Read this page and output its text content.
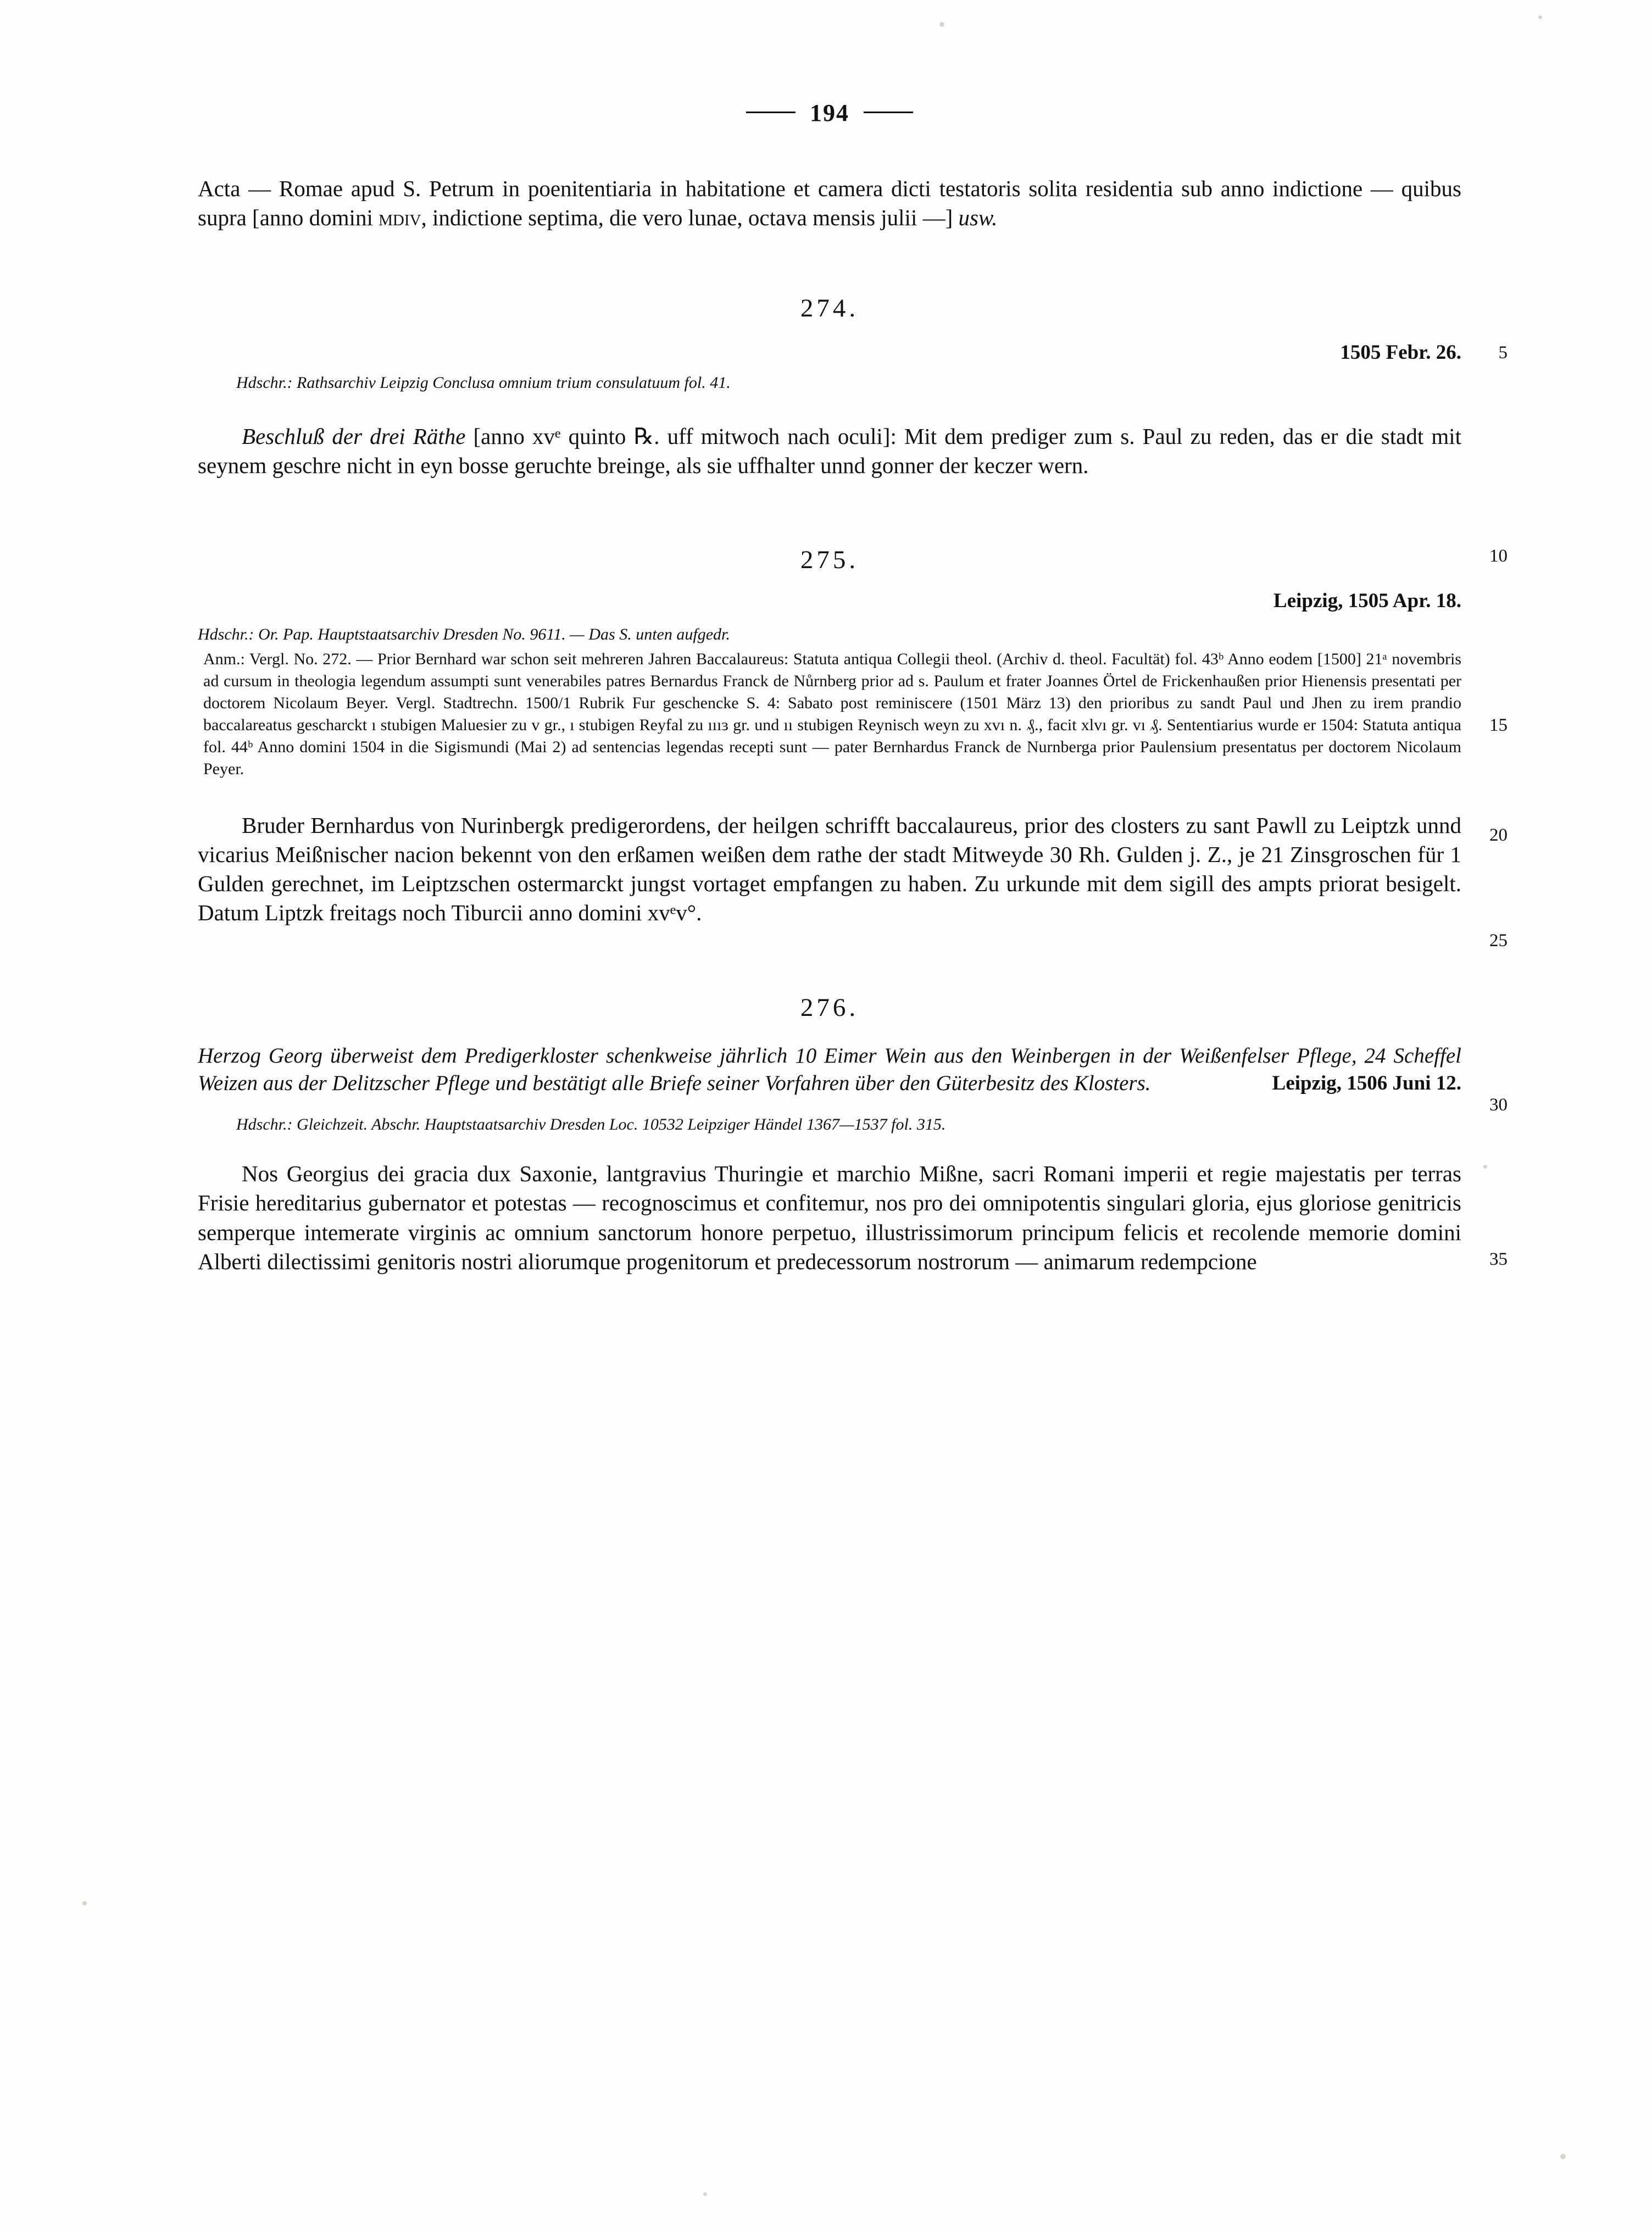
194

Acta — Romae apud S. Petrum in poenitentiaria in habitatione et camera dicti testatoris solita residentia sub anno indictione — quibus supra [anno domini mdiv, indictione septima, die vero lunae, octava mensis julii —] usw.

274.

1505 Febr. 26. 5

Hdschr.: Rathsarchiv Leipzig Conclusa omnium trium consulatuum fol. 41.

Beschluß der drei Räthe [anno xvᵉ quinto ℞. uff mitwoch nach oculi]: Mit dem prediger zum s. Paul zu reden, das er die stadt mit seynem geschre nicht in eyn bosse geruchte breinge, als sie uffhalter unnd gonner der keczer wern.

275.	10

Leipzig, 1505 Apr. 18.

Hdschr.: Or. Pap. Hauptstaatsarchiv Dresden No. 9611. — Das S. unten aufgedr.

Anm.: Vergl. No. 272. — Prior Bernhard war schon seit mehreren Jahren Baccalaureus: Statuta antiqua Collegii theol. (Archiv d. theol. Facultät) fol. 43ᵇ Anno eodem [1500] 21ᵃ novembris ad cursum in theologia legendum assumpti sunt venerabiles patres Bernardus Franck de Nůrnberg prior ad s. Paulum et frater Joannes Örtel de Frickenhaußen prior Hienensis presentati per doctorem Nicolaum Beyer. Vergl. Stadtrechn. 1500/1 Rubrik Fur geschencke S. 4: Sabato post reminiscere (1501 März 13) den prioribus zu sandt Paul und Jhen zu irem prandio baccalareatus gescharckt ı stubigen Maluesier zu v gr., ı stubigen Reyfal zu ıııɜ gr. und ıı stubigen Reynisch weyn zu xvı n. ₰., facit xlvı gr. vı ₰. Sententiarius wurde er 1504: Statuta antiqua fol. 44ᵇ Anno domini 1504 in die Sigismundi (Mai 2) ad sentencias legendas recepti sunt — pater Bernhardus Franck de Nurnberga prior Paulensium presentatus per doctorem Nicolaum Peyer.

15
20

Bruder Bernhardus von Nurinbergk predigerordens, der heilgen schrifft baccalaureus, prior des closters zu sant Pawll zu Leiptzk unnd vicarius Meißnischer nacion bekennt von den erßamen weißen dem rathe der stadt Mitweyde 30 Rh. Gulden j. Z., je 21 Zinsgroschen für 1 Gulden gerechnet, im Leiptzschen ostermarckt jungst vortaget empfangen zu haben. Zu urkunde mit dem sigill des ampts priorat besigelt. Datum Liptzk freitags noch Tiburcii anno domini xvᵉv°.

25

276.

Herzog Georg überweist dem Predigerkloster schenkweise jährlich 10 Eimer Wein aus den Weinbergen in der Weißenfelser Pflege, 24 Scheffel Weizen aus der Delitzscher Pflege und bestätigt alle Briefe seiner Vorfahren über den Güterbesitz des Klosters.

30

Leipzig, 1506 Juni 12.

Hdschr.: Gleichzeit. Abschr. Hauptstaatsarchiv Dresden Loc. 10532 Leipziger Händel 1367—1537 fol. 315.

Nos Georgius dei gracia dux Saxonie, lantgravius Thuringie et marchio Mißne, sacri Romani imperii et regie majestatis per terras Frisie hereditarius gubernator et potestas — recognoscimus et confitemur, nos pro dei omnipotentis singulari gloria, ejus gloriose genitricis semperque intemerate virginis ac omnium sanctorum honore perpetuo, illustrissimorum principum felicis et recolende memorie domini Alberti dilectissimi genitoris nostri aliorumque progenitorum et predecessorum nostrorum — animarum redempcione	35
